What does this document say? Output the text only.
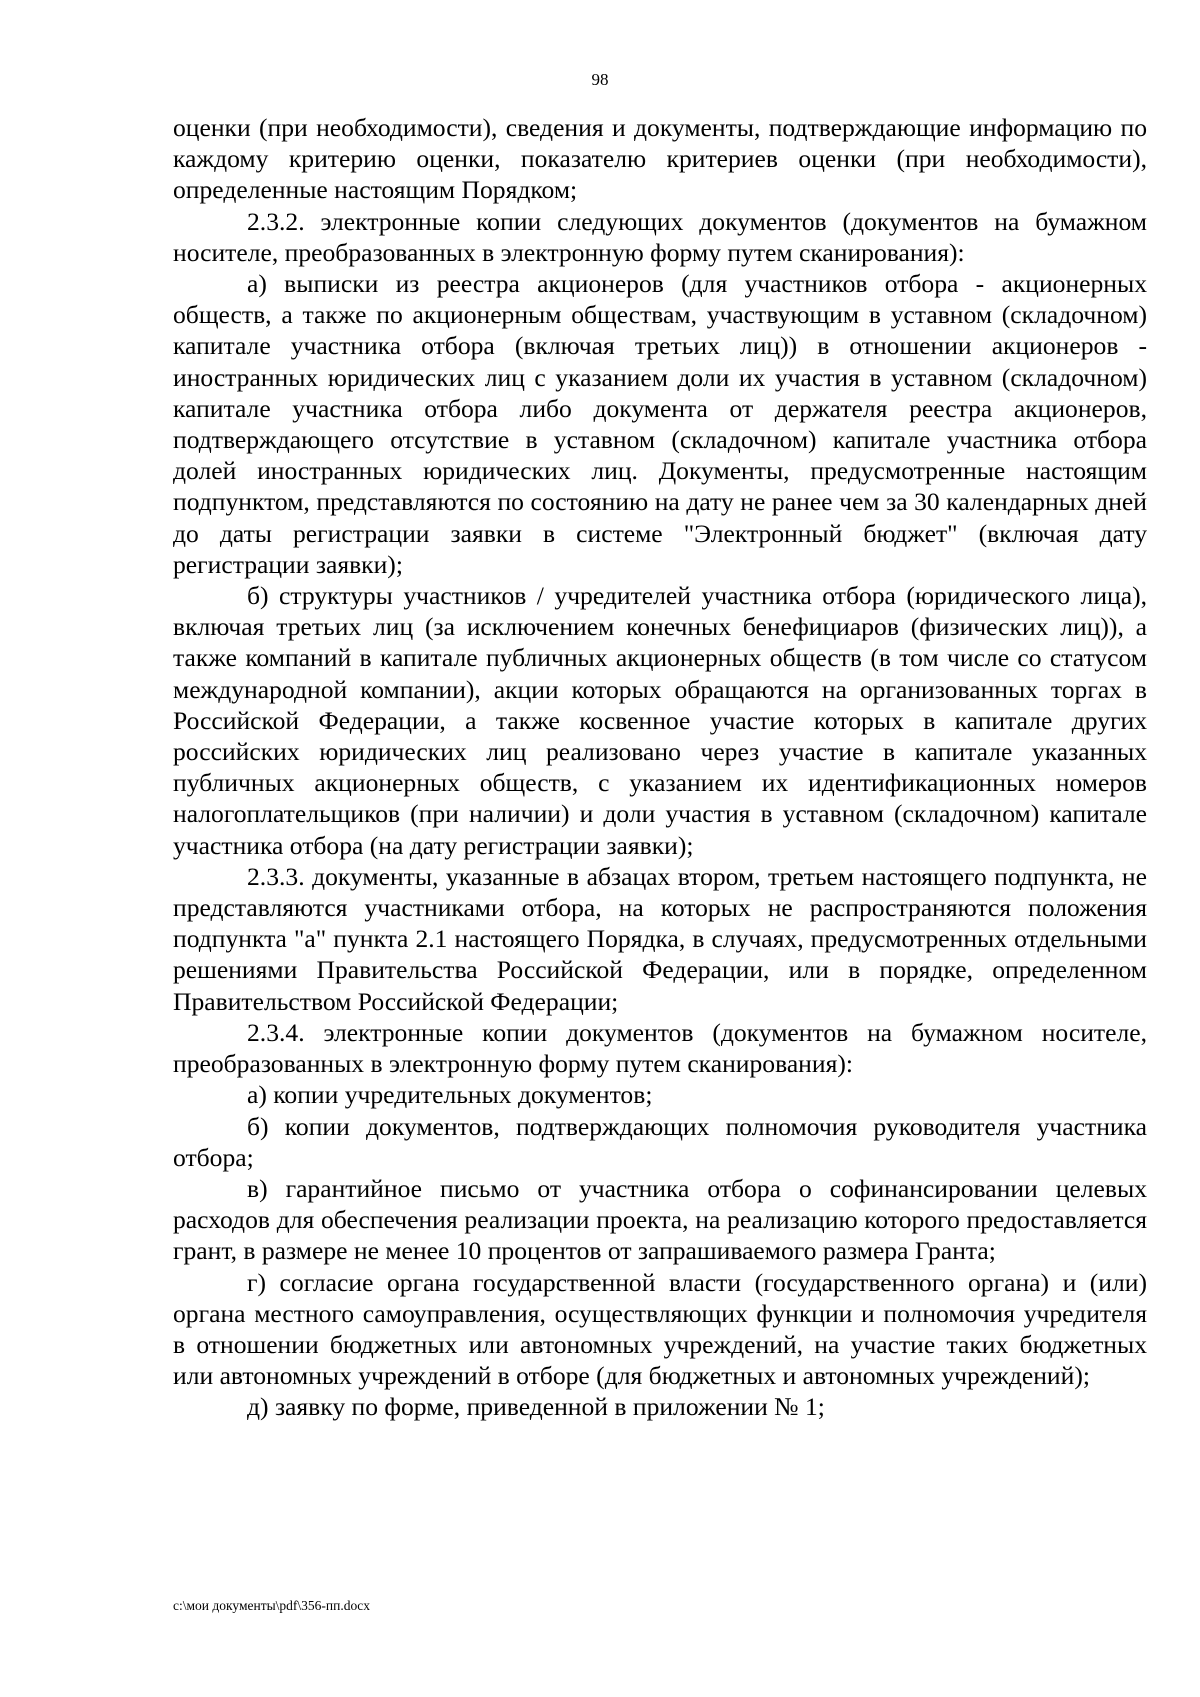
98

оценки (при необходимости), сведения и документы, подтверждающие информацию по каждому критерию оценки, показателю критериев оценки (при необходимости), определенные настоящим Порядком;

2.3.2. электронные копии следующих документов (документов на бумажном носителе, преобразованных в электронную форму путем сканирования):

а) выписки из реестра акционеров (для участников отбора - акционерных обществ, а также по акционерным обществам, участвующим в уставном (складочном) капитале участника отбора (включая третьих лиц)) в отношении акционеров - иностранных юридических лиц с указанием доли их участия в уставном (складочном) капитале участника отбора либо документа от держателя реестра акционеров, подтверждающего отсутствие в уставном (складочном) капитале участника отбора долей иностранных юридических лиц. Документы, предусмотренные настоящим подпунктом, представляются по состоянию на дату не ранее чем за 30 календарных дней до даты регистрации заявки в системе "Электронный бюджет" (включая дату регистрации заявки);

б) структуры участников / учредителей участника отбора (юридического лица), включая третьих лиц (за исключением конечных бенефициаров (физических лиц)), а также компаний в капитале публичных акционерных обществ (в том числе со статусом международной компании), акции которых обращаются на организованных торгах в Российской Федерации, а также косвенное участие которых в капитале других российских юридических лиц реализовано через участие в капитале указанных публичных акционерных обществ, с указанием их идентификационных номеров налогоплательщиков (при наличии) и доли участия в уставном (складочном) капитале участника отбора (на дату регистрации заявки);

2.3.3. документы, указанные в абзацах втором, третьем настоящего подпункта, не представляются участниками отбора, на которых не распространяются положения подпункта "а" пункта 2.1 настоящего Порядка, в случаях, предусмотренных отдельными решениями Правительства Российской Федерации, или в порядке, определенном Правительством Российской Федерации;

2.3.4. электронные копии документов (документов на бумажном носителе, преобразованных в электронную форму путем сканирования):

а) копии учредительных документов;

б) копии документов, подтверждающих полномочия руководителя участника отбора;

в) гарантийное письмо от участника отбора о софинансировании целевых расходов для обеспечения реализации проекта, на реализацию которого предоставляется грант, в размере не менее 10 процентов от запрашиваемого размера Гранта;

г) согласие органа государственной власти (государственного органа) и (или) органа местного самоуправления, осуществляющих функции и полномочия учредителя в отношении бюджетных или автономных учреждений, на участие таких бюджетных или автономных учреждений в отборе (для бюджетных и автономных учреждений);

д) заявку по форме, приведенной в приложении № 1;

c:\мои документы\pdf\356-пп.docx
